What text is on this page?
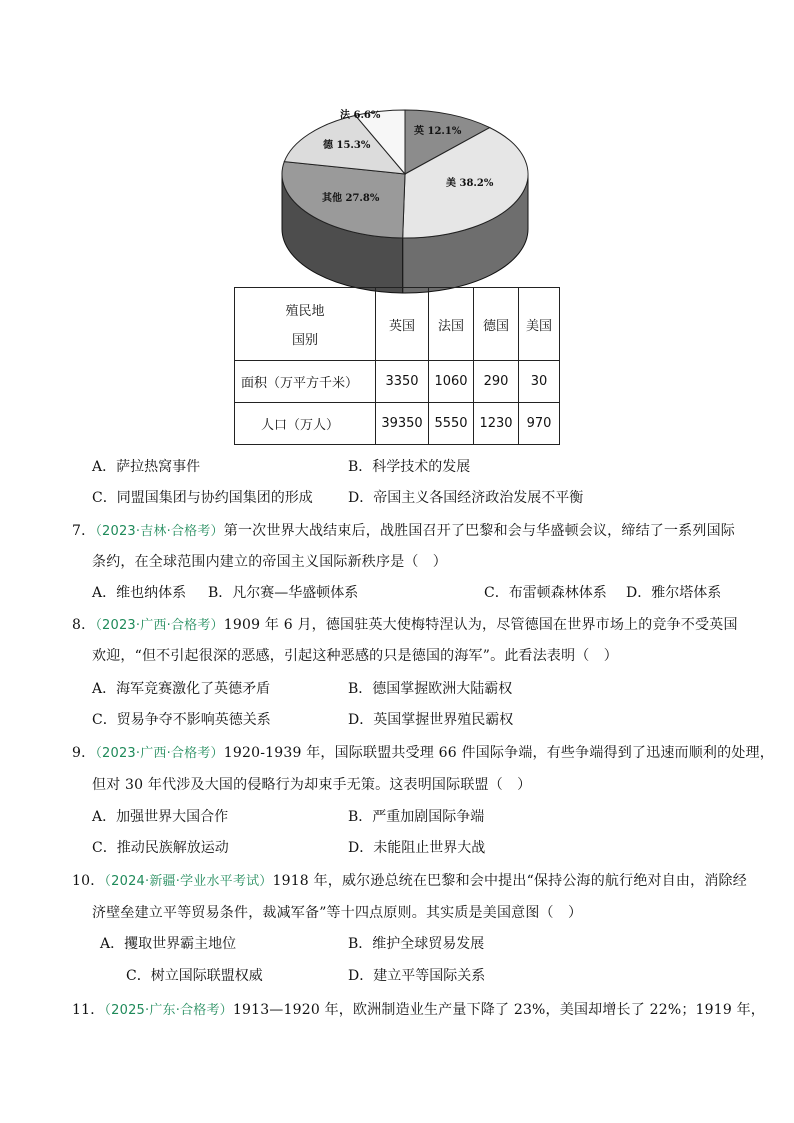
法 6.6%
英 12.1%
德 15.3%
美 38.2%
其他 27.8%
殖民地
国别	英国	法国	德国	美国
面积（万平方千米）	3350	1060	290	30
人口（万人）	39350	5550	1230	970
A．萨拉热窝事件	B．科学技术的发展
C．同盟国集团与协约国集团的形成	D．帝国主义各国经济政治发展不平衡
7．（2023·吉林·合格考）第一次世界大战结束后，战胜国召开了巴黎和会与华盛顿会议，缔结了一系列国际
条约，在全球范围内建立的帝国主义国际新秩序是（　）
A．维也纳体系 B．凡尔赛—华盛顿体系	C．布雷顿森林体系 D．雅尔塔体系
8．（2023·广西·合格考）1909 年 6 月，德国驻英大使梅特涅认为，尽管德国在世界市场上的竞争不受英国
欢迎，“但不引起很深的恶感，引起这种恶感的只是德国的海军”。此看法表明（　）
A．海军竞赛激化了英德矛盾	B．德国掌握欧洲大陆霸权
C．贸易争夺不影响英德关系	D．英国掌握世界殖民霸权
9．（2023·广西·合格考）1920-1939 年，国际联盟共受理 66 件国际争端，有些争端得到了迅速而顺利的处理，
但对 30 年代涉及大国的侵略行为却束手无策。这表明国际联盟（　）
A．加强世界大国合作	B．严重加剧国际争端
C．推动民族解放运动	D．未能阻止世界大战
10．（2024·新疆·学业水平考试）1918 年，威尔逊总统在巴黎和会中提出“保持公海的航行绝对自由，消除经
济壁垒建立平等贸易条件，裁减军备”等十四点原则。其实质是美国意图（　）
A．攫取世界霸主地位	B．维护全球贸易发展
C．树立国际联盟权威	D．建立平等国际关系
11．（2025·广东·合格考）1913—1920 年，欧洲制造业生产量下降了 23%，美国却增长了 22%；1919 年，
